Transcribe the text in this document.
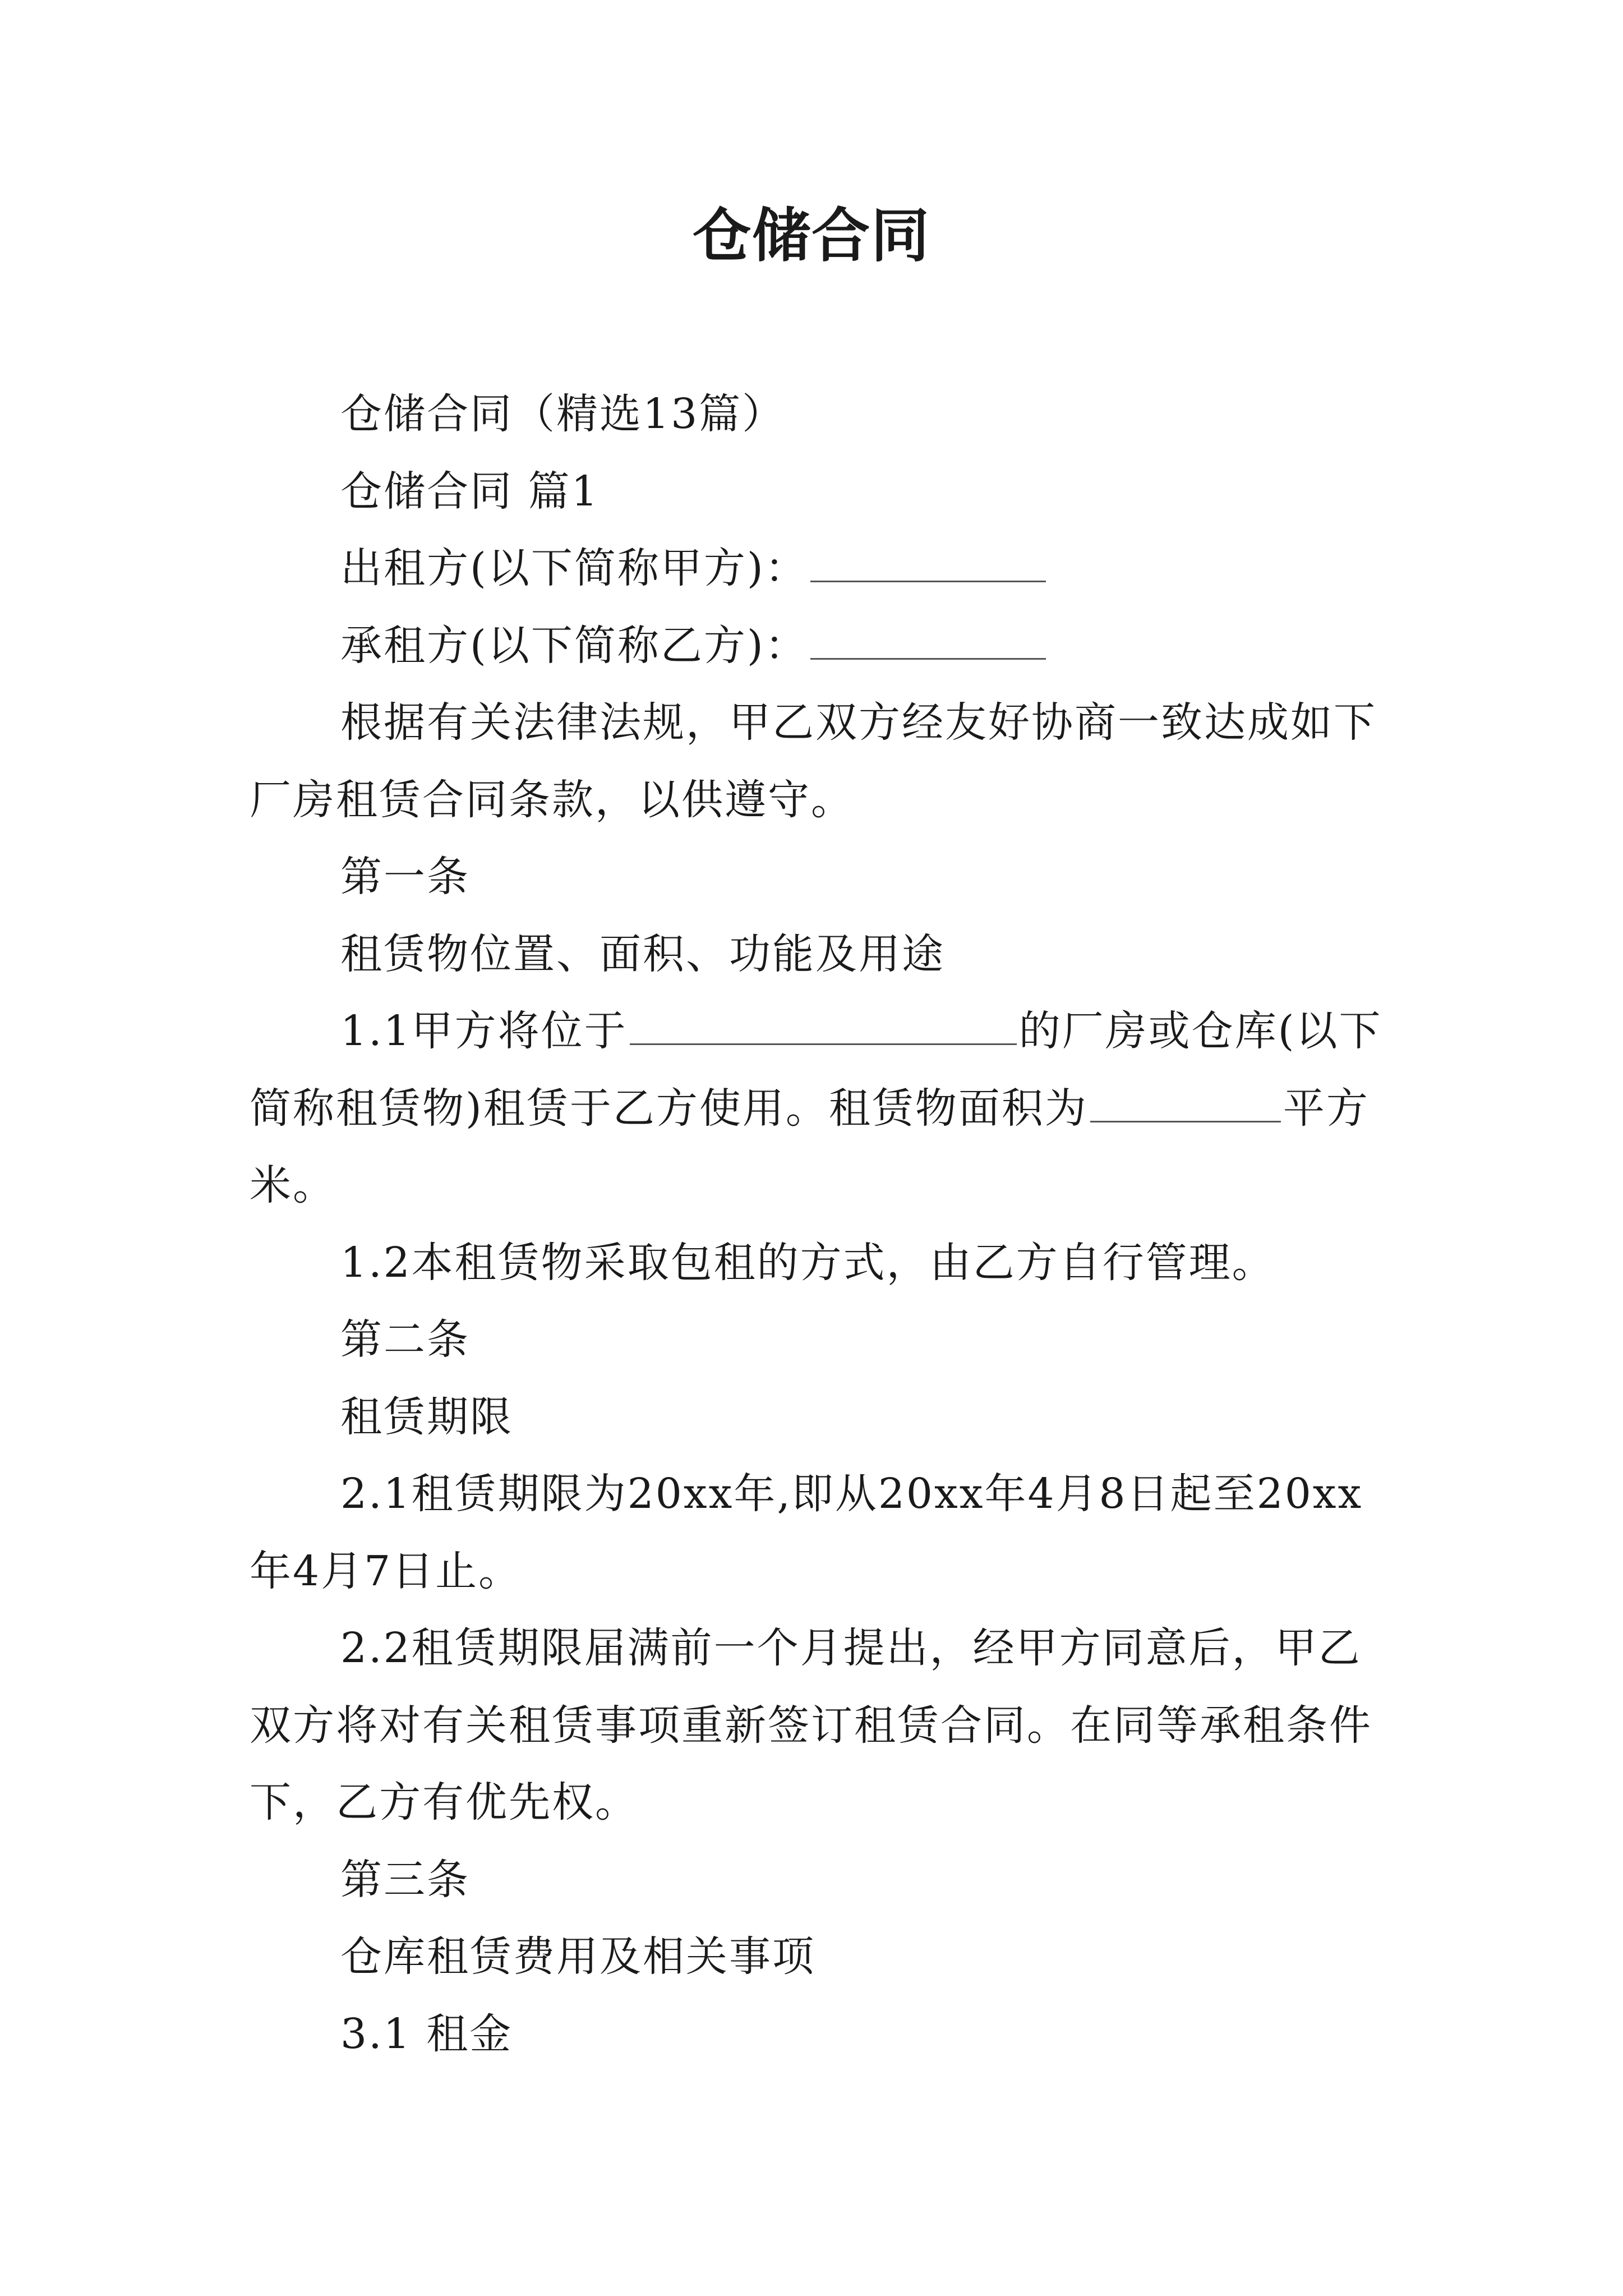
仓储合同

仓储合同（精选13篇）

仓储合同 篇1

出租方(以下简称甲方)：

承租方(以下简称乙方)：

根据有关法律法规，甲乙双方经友好协商一致达成如下厂房租赁合同条款，以供遵守。

第一条

租赁物位置、面积、功能及用途

1.1甲方将位于	的厂房或仓库(以下简称租赁物)租赁于乙方使用。租赁物面积为	平方米。

1.2本租赁物采取包租的方式，由乙方自行管理。

第二条

租赁期限

2.1租赁期限为20xx年,即从20xx年4月8日起至20xx年4月7日止。

2.2租赁期限届满前一个月提出，经甲方同意后，甲乙双方将对有关租赁事项重新签订租赁合同。在同等承租条件下，乙方有优先权。

第三条

仓库租赁费用及相关事项

3.1 租金
